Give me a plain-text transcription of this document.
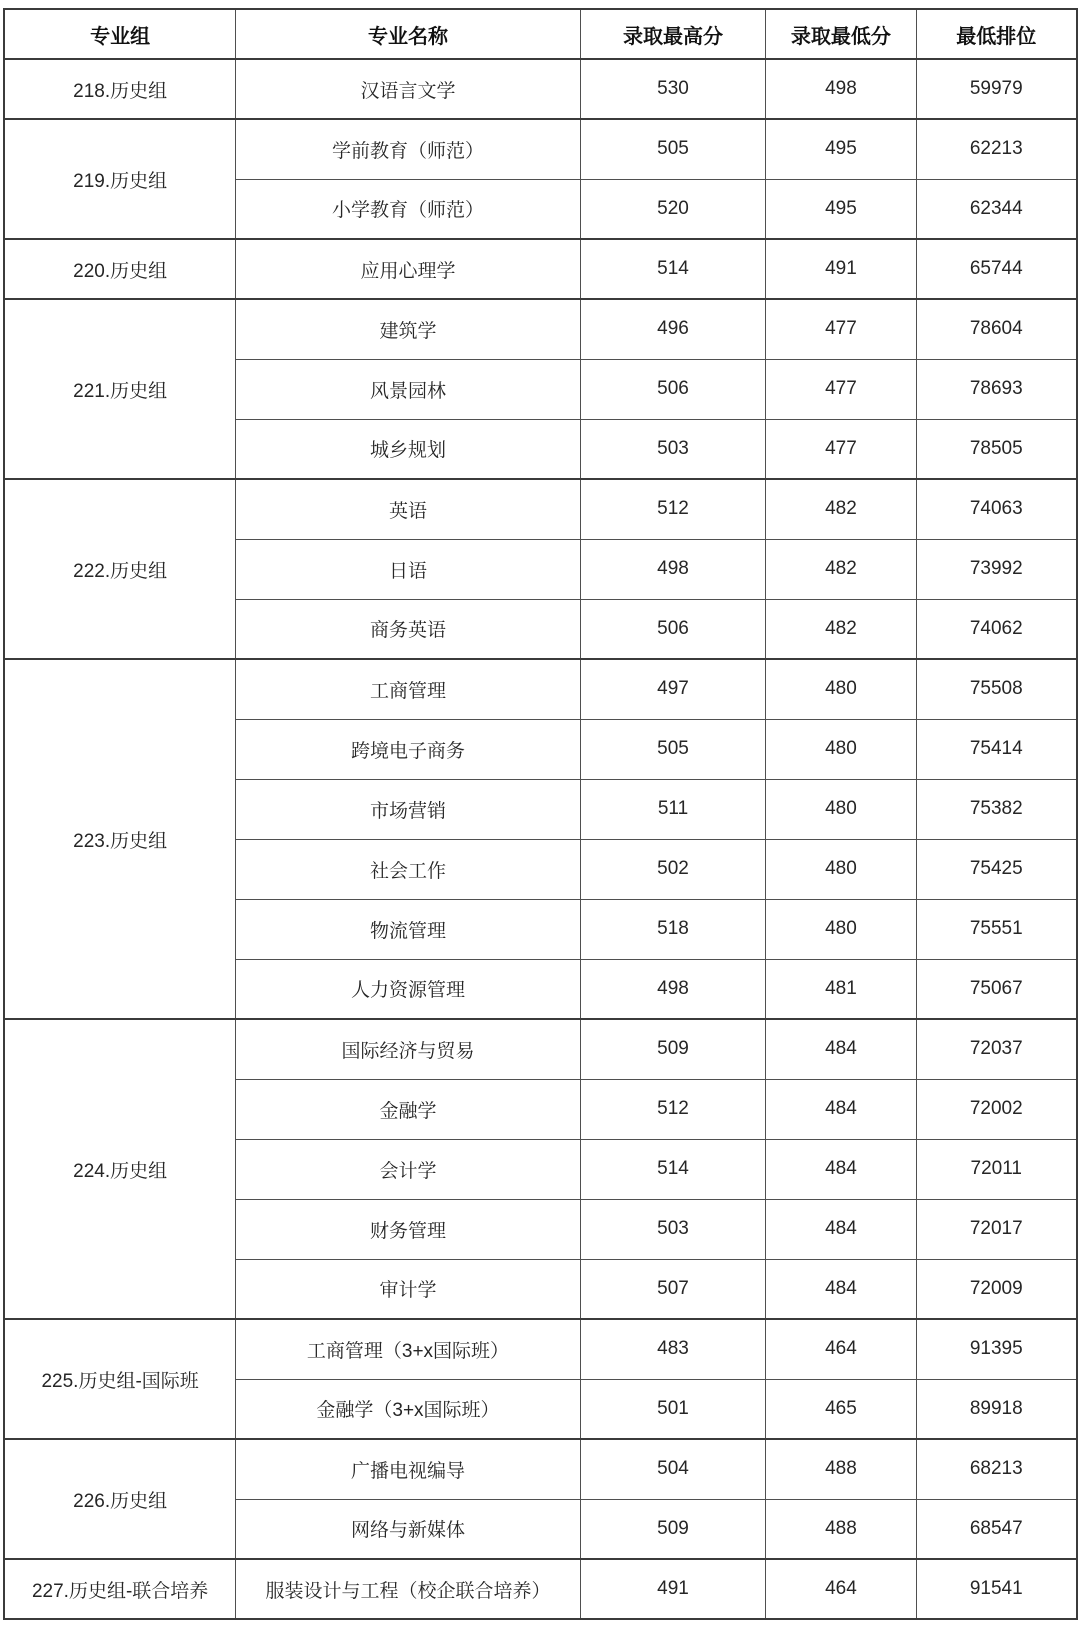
专业组	专业名称	录取最高分	录取最低分	最低排位
218.历史组	汉语言文学	530	498	59979
219.历史组	学前教育（师范）	505	495	62213
	小学教育（师范）	520	495	62344
220.历史组	应用心理学	514	491	65744
221.历史组	建筑学	496	477	78604
	风景园林	506	477	78693
	城乡规划	503	477	78505
222.历史组	英语	512	482	74063
	日语	498	482	73992
	商务英语	506	482	74062
223.历史组	工商管理	497	480	75508
	跨境电子商务	505	480	75414
	市场营销	511	480	75382
	社会工作	502	480	75425
	物流管理	518	480	75551
	人力资源管理	498	481	75067
224.历史组	国际经济与贸易	509	484	72037
	金融学	512	484	72002
	会计学	514	484	72011
	财务管理	503	484	72017
	审计学	507	484	72009
225.历史组-国际班	工商管理（3+x国际班）	483	464	91395
	金融学（3+x国际班）	501	465	89918
226.历史组	广播电视编导	504	488	68213
	网络与新媒体	509	488	68547
227.历史组-联合培养	服装设计与工程（校企联合培养）	491	464	91541
